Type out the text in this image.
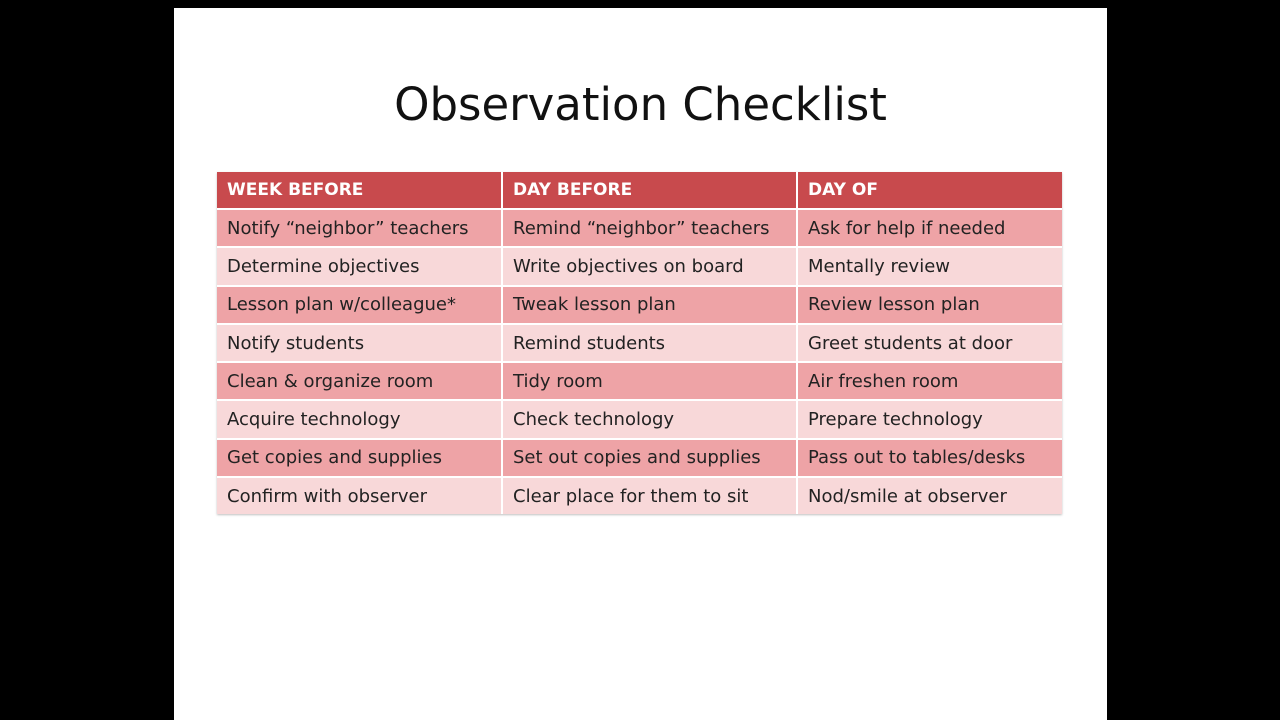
Observation Checklist
WEEK BEFORE	DAY BEFORE	DAY OF
Notify “neighbor” teachers	Remind “neighbor” teachers	Ask for help if needed
Determine objectives	Write objectives on board	Mentally review
Lesson plan w/colleague*	Tweak lesson plan	Review lesson plan
Notify students	Remind students	Greet students at door
Clean & organize room	Tidy room	Air freshen room
Acquire technology	Check technology	Prepare technology
Get copies and supplies	Set out copies and supplies	Pass out to tables/desks
Confirm with observer	Clear place for them to sit	Nod/smile at observer
